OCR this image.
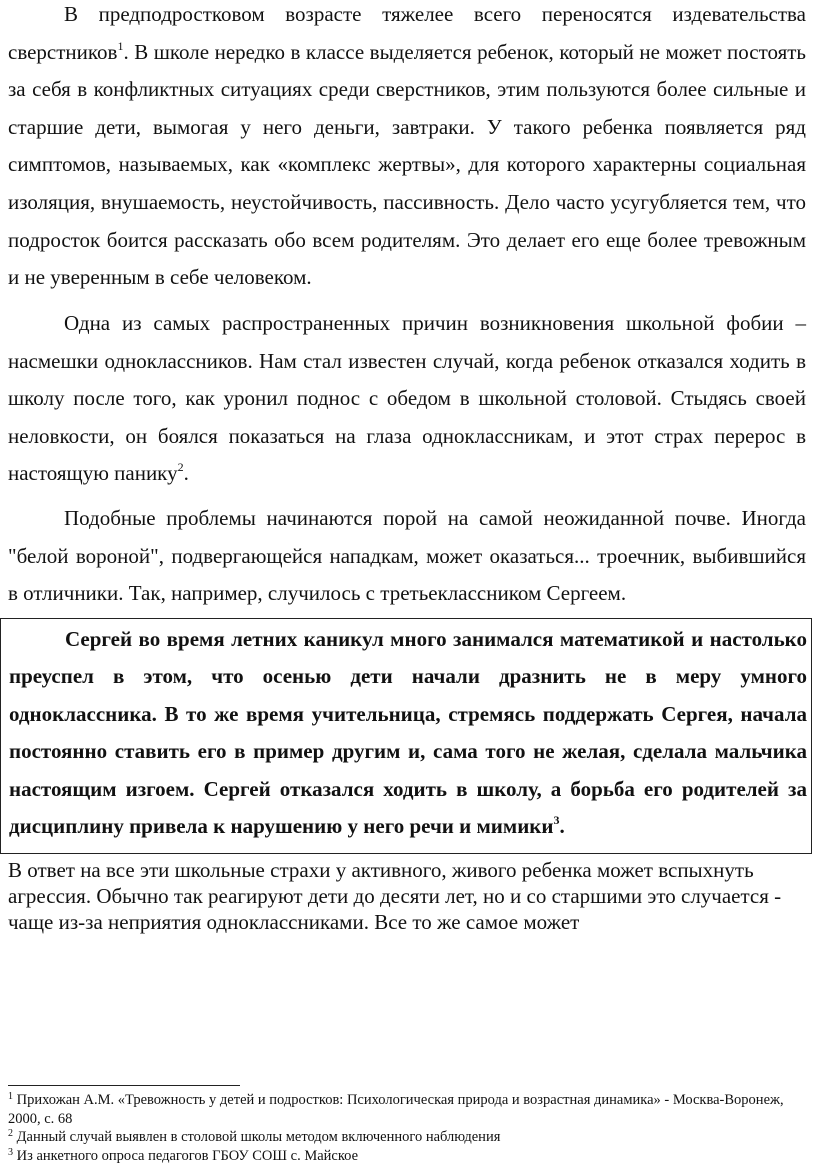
В предподростковом возрасте тяжелее всего переносятся издевательства сверстников$^1$. В школе нередко в классе выделяется ребенок, который не может постоять за себя в конфликтных ситуациях среди сверстников, этим пользуются более сильные и старшие дети, вымогая у него деньги, завтраки. У такого ребенка появляется ряд симптомов, называемых, как «комплекс жертвы», для которого характерны социальная изоляция, внушаемость, неустойчивость, пассивность. Дело часто усугубляется тем, что подросток боится рассказать обо всем родителям. Это делает его еще более тревожным и не уверенным в себе человеком.

Одна из самых распространенных причин возникновения школьной фобии – насмешки одноклассников. Нам стал известен случай, когда ребенок отказался ходить в школу после того, как уронил поднос с обедом в школьной столовой. Стыдясь своей неловкости, он боялся показаться на глаза одноклассникам, и этот страх перерос в настоящую панику$^2$.

Подобные проблемы начинаются порой на самой неожиданной почве. Иногда "белой вороной", подвергающейся нападкам, может оказаться... троечник, выбившийся в отличники. Так, например, случилось с третьеклассником Сергеем.

Сергей во время летних каникул много занимался математикой и настолько преуспел в этом, что осенью дети начали дразнить не в меру умного одноклассника. В то же время учительница, стремясь поддержать Сергея, начала постоянно ставить его в пример другим и, сама того не желая, сделала мальчика настоящим изгоем. Сергей отказался ходить в школу, а борьба его родителей за дисциплину привела к нарушению у него речи и мимики$^3$.

В ответ на все эти школьные страхи у активного, живого ребенка может вспыхнуть агрессия. Обычно так реагируют дети до десяти лет, но и со старшими это случается - чаще из-за неприятия одноклассниками. Все то же самое может

$^1$ Прихожан А.М. «Тревожность у детей и подростков: Психологическая природа и возрастная динамика» - Москва-Воронеж, 2000, с. 68

$^2$ Данный случай выявлен в столовой школы методом включенного наблюдения

$^3$ Из анкетного опроса педагогов ГБОУ СОШ с. Майское
